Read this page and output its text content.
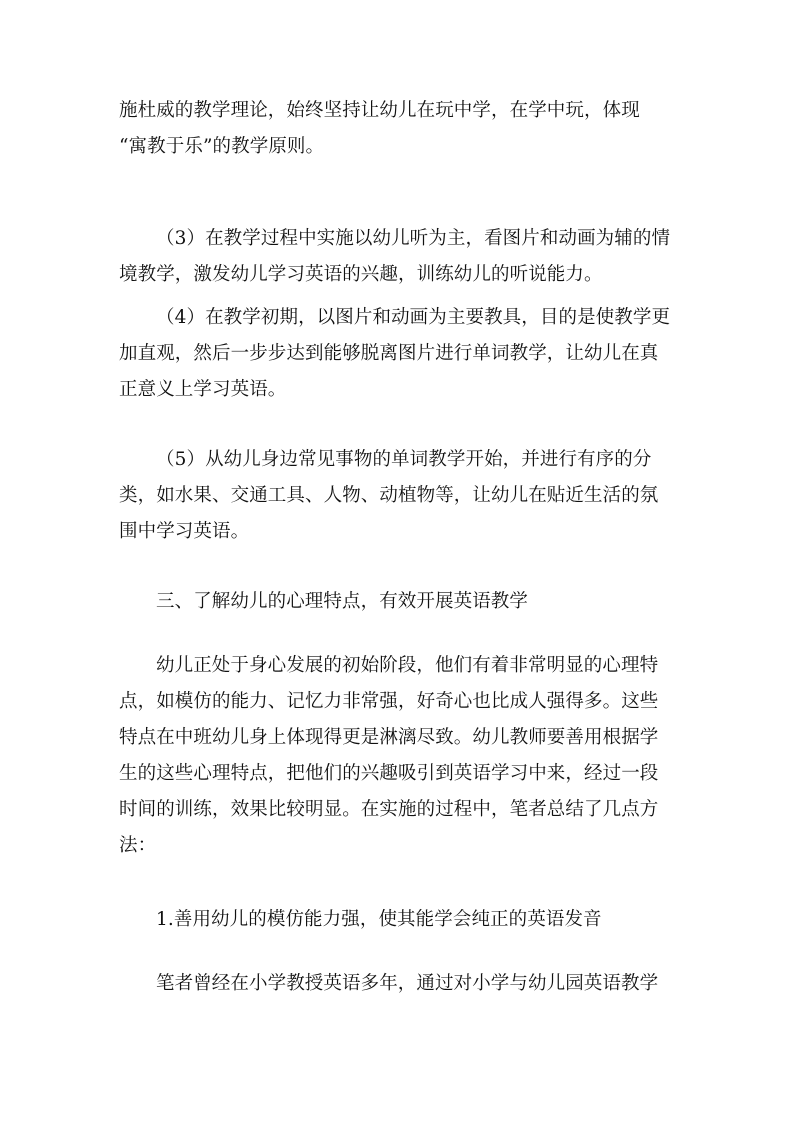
施杜威的教学理论，始终坚持让幼儿在玩中学，在学中玩，体现
“寓教于乐”的教学原则。
（3）在教学过程中实施以幼儿听为主，看图片和动画为辅的情
境教学，激发幼儿学习英语的兴趣，训练幼儿的听说能力。
（4）在教学初期，以图片和动画为主要教具，目的是使教学更
加直观，然后一步步达到能够脱离图片进行单词教学，让幼儿在真
正意义上学习英语。
（5）从幼儿身边常见事物的单词教学开始，并进行有序的分
类，如水果、交通工具、人物、动植物等，让幼儿在贴近生活的氛
围中学习英语。
三、了解幼儿的心理特点，有效开展英语教学
幼儿正处于身心发展的初始阶段，他们有着非常明显的心理特
点，如模仿的能力、记忆力非常强，好奇心也比成人强得多。这些
特点在中班幼儿身上体现得更是淋漓尽致。幼儿教师要善用根据学
生的这些心理特点，把他们的兴趣吸引到英语学习中来，经过一段
时间的训练，效果比较明显。在实施的过程中，笔者总结了几点方
法：
1.善用幼儿的模仿能力强，使其能学会纯正的英语发音
笔者曾经在小学教授英语多年，通过对小学与幼儿园英语教学
